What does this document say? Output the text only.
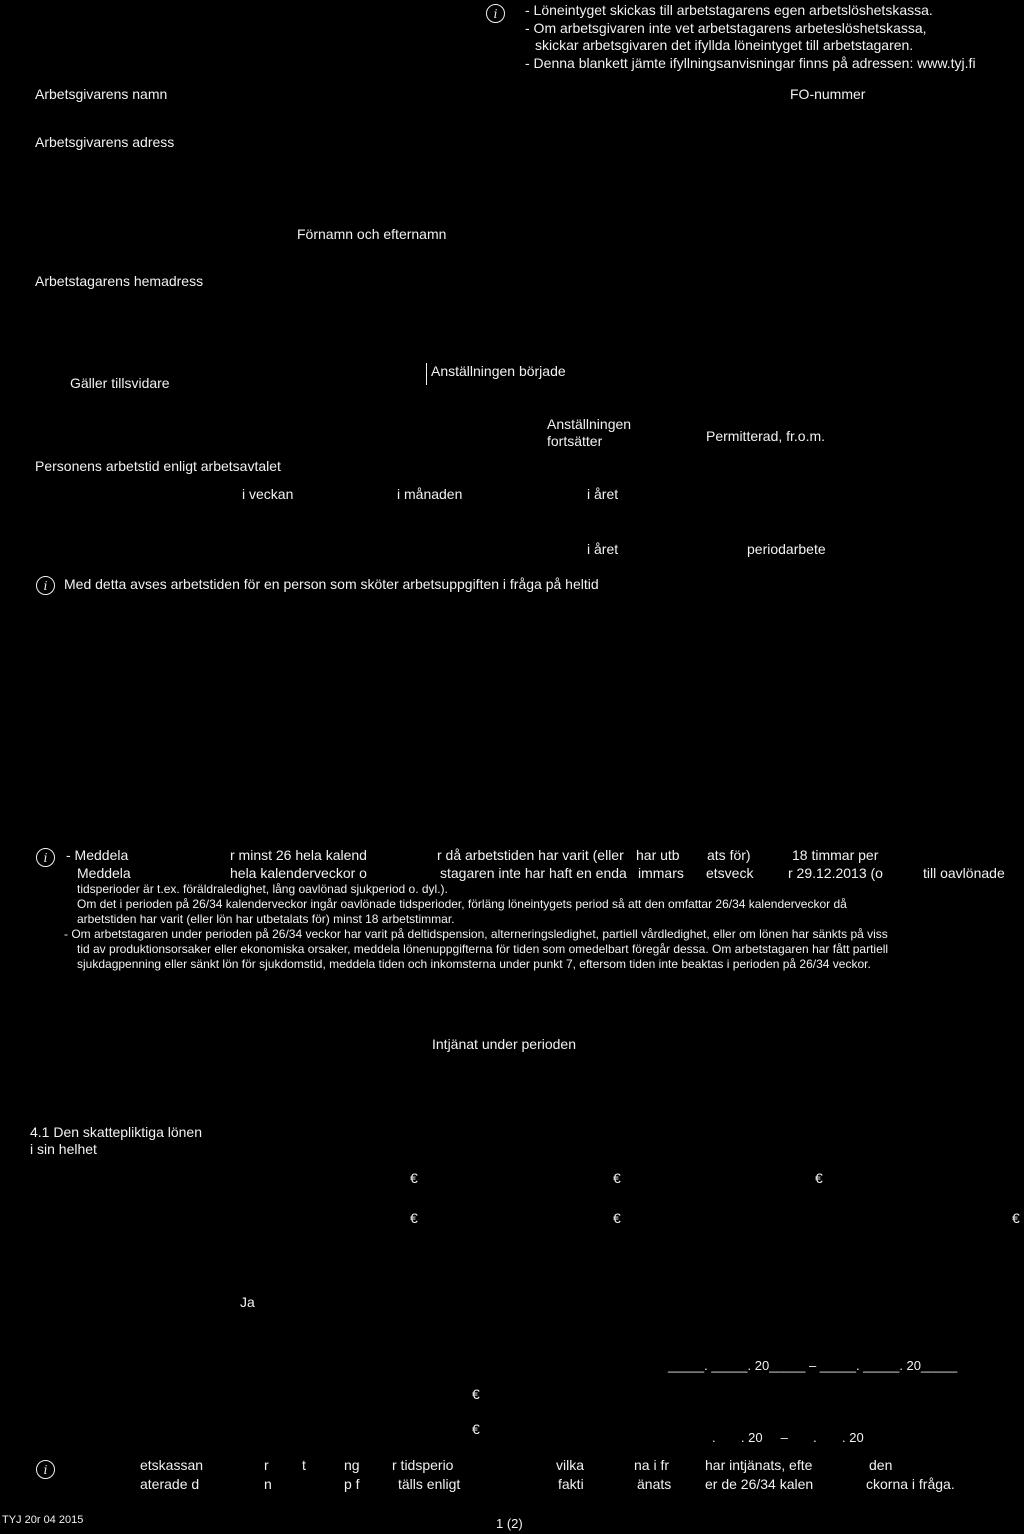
i	- Löneintyget skickas till arbetstagarens egen arbetslöshetskassa.
- Om arbetsgivaren inte vet arbetstagarens arbeteslöshetskassa,
skickar arbetsgivaren det ifyllda löneintyget till arbetstagaren.
- Denna blankett jämte ifyllningsanvisningar finns på adressen: www.tyj.fi
Arbetsgivarens namn	FO-nummer
Arbetsgivarens adress
Förnamn och efternamn
Arbetstagarens hemadress
Gäller tillsvidare
Anställningen började
Anställningen
fortsätter	Permitterad, fr.o.m.
Personens arbetstid enligt arbetsavtalet
i veckan	i månaden	i året
i året	periodarbete
i	Med detta avses arbetstiden för en person som sköter arbetsuppgiften i fråga på heltid
i	- Meddela	r minst 26 hela kalend	r då arbetstiden har varit (eller har utb ats för)	18 timmar per
Meddela	hela kalenderveckor o	stagaren inte har haft en enda immars etsveck r 29.12.2013 (o	till oavlönade
tidsperioder är t.ex. föräldraledighet, lång oavlönad sjukperiod o. dyl.).
Om det i perioden på 26/34 kalenderveckor ingår oavlönade tidsperioder, förläng löneintygets period så att den omfattar 26/34 kalenderveckor då
arbetstiden har varit (eller lön har utbetalats för) minst 18 arbetstimmar.
- Om arbetstagaren under perioden på 26/34 veckor har varit på deltidspension, alterneringsledighet, partiell vårdledighet, eller om lönen har sänkts på viss
tid av produktionsorsaker eller ekonomiska orsaker, meddela lönenuppgifterna för tiden som omedelbart föregår dessa. Om arbetstagaren har fått partiell
sjukdagpenning eller sänkt lön för sjukdomstid, meddela tiden och inkomsterna under punkt 7, eftersom tiden inte beaktas i perioden på 26/34 veckor.
Intjänat under perioden
4.1 Den skattepliktiga lönen
i sin helhet
€	€	€
€	€	€
Ja
_____. _____. 20_____ – _____. _____. 20_____
€
€
.       . 20     –       .       . 20
i	etskassan	r t	ng r tidsperio	vilka	na i fr	har intjänats, efte	den
aterade d	n	p f	tälls enligt	fakti	änats er de 26/34 kalen	ckorna i fråga.
TYJ 20r 04 2015	1 (2)
